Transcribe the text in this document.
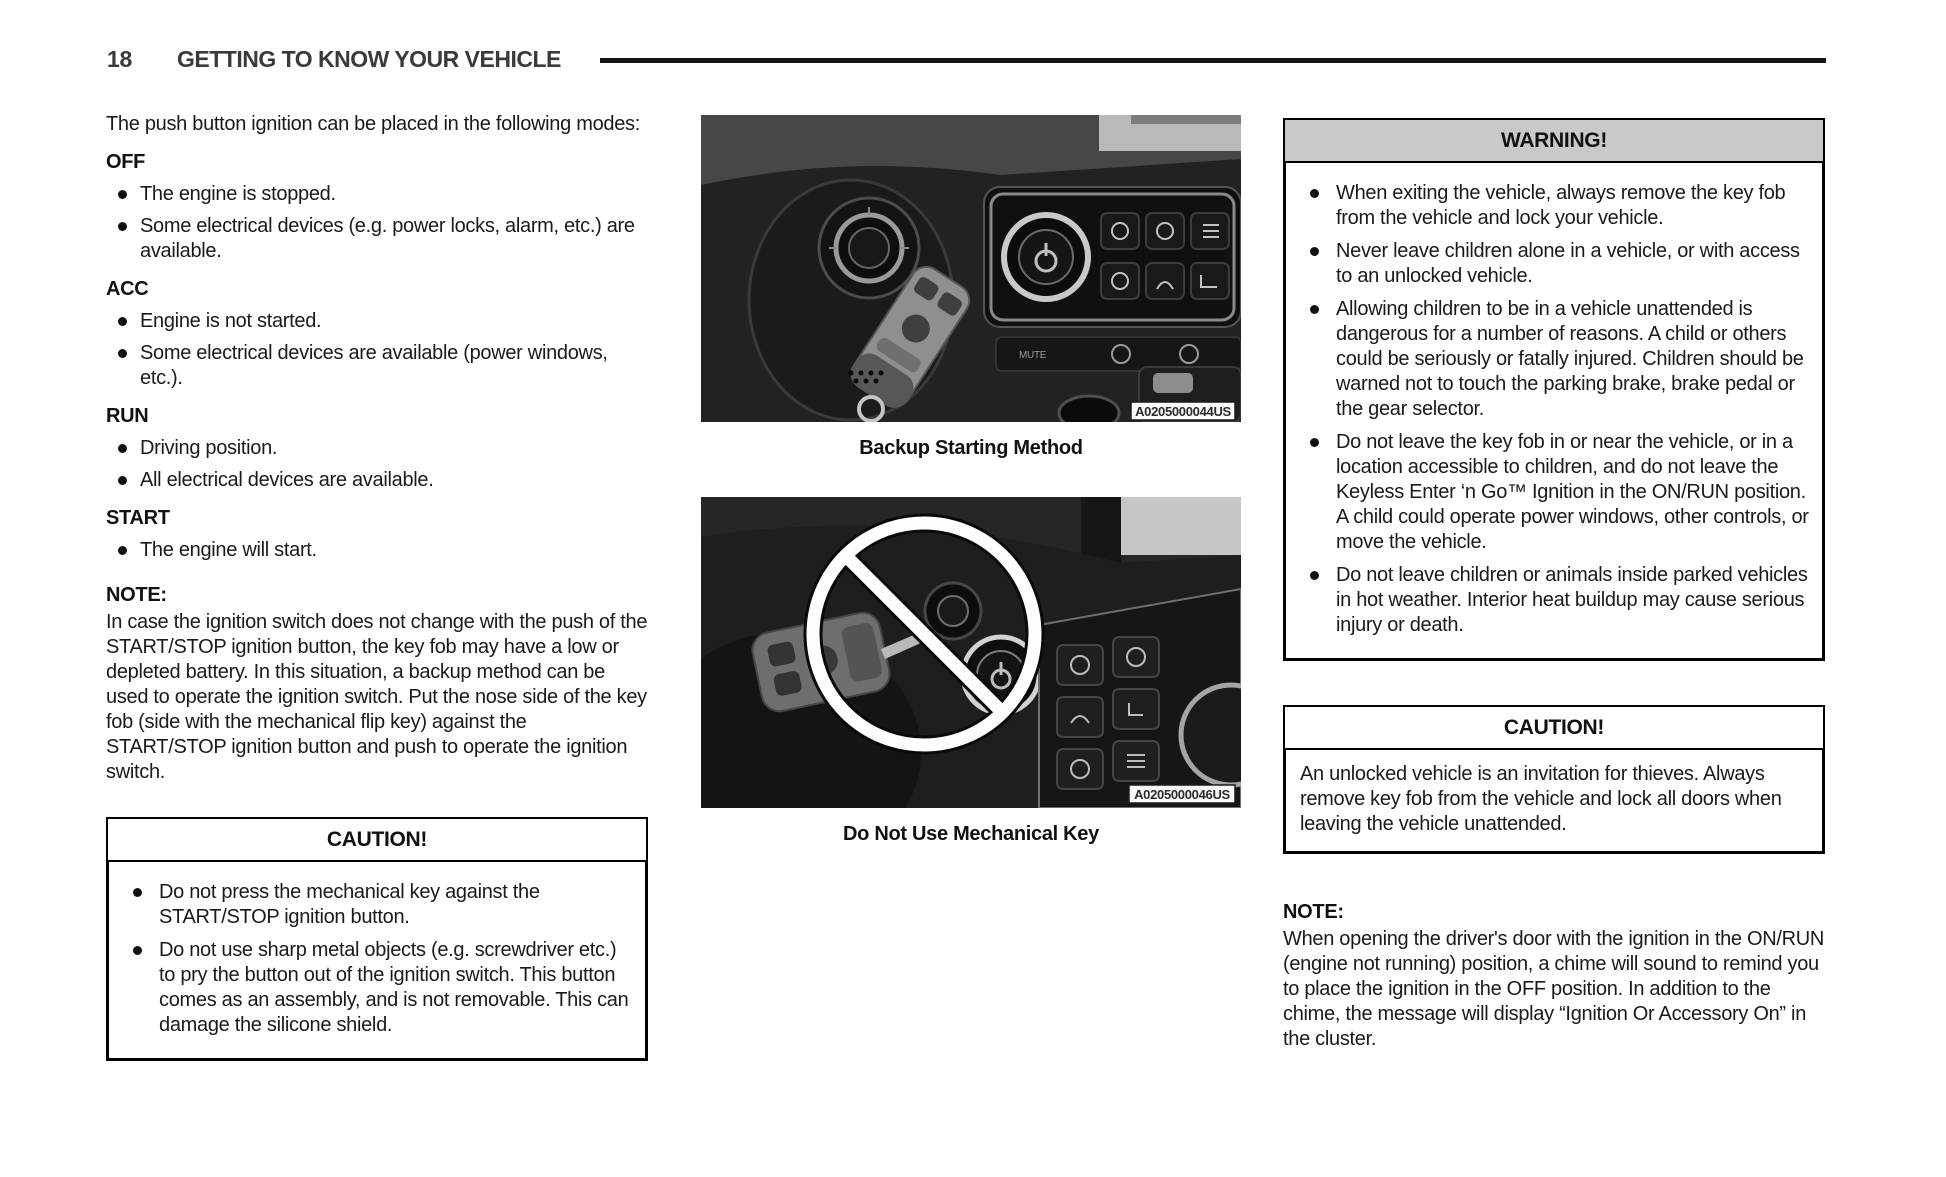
18 GETTING TO KNOW YOUR VEHICLE

The push button ignition can be placed in the following modes:

OFF
The engine is stopped.
Some electrical devices (e.g. power locks, alarm, etc.) are available.
ACC
Engine is not started.
Some electrical devices are available (power windows, etc.).
RUN
Driving position.
All electrical devices are available.
START
The engine will start.
NOTE:

In case the ignition switch does not change with the push of the START/STOP ignition button, the key fob may have a low or depleted battery. In this situation, a backup method can be used to operate the ignition switch. Put the nose side of the key fob (side with the mechanical flip key) against the START/STOP ignition button and push to operate the ignition switch.

CAUTION!
Do not press the mechanical key against the START/STOP ignition button.
Do not use sharp metal objects (e.g. screwdriver etc.) to pry the button out of the ignition switch. This button comes as an assembly, and is not removable. This can damage the silicone shield.
MUTE
A0205000044US
Backup Starting Method
A0205000046US
Do Not Use Mechanical Key
WARNING!
When exiting the vehicle, always remove the key fob from the vehicle and lock your vehicle.
Never leave children alone in a vehicle, or with access to an unlocked vehicle.
Allowing children to be in a vehicle unattended is dangerous for a number of reasons. A child or others could be seriously or fatally injured. Children should be warned not to touch the parking brake, brake pedal or the gear selector.
Do not leave the key fob in or near the vehicle, or in a location accessible to children, and do not leave the Keyless Enter ‘n Go™ Ignition in the ON/RUN position. A child could operate power windows, other controls, or move the vehicle.
Do not leave children or animals inside parked vehicles in hot weather. Interior heat buildup may cause serious injury or death.
CAUTION!

An unlocked vehicle is an invitation for thieves. Always remove key fob from the vehicle and lock all doors when leaving the vehicle unattended.

NOTE:

When opening the driver's door with the ignition in the ON/RUN (engine not running) position, a chime will sound to remind you to place the ignition in the OFF position. In addition to the chime, the message will display “Ignition Or Accessory On” in the cluster.
